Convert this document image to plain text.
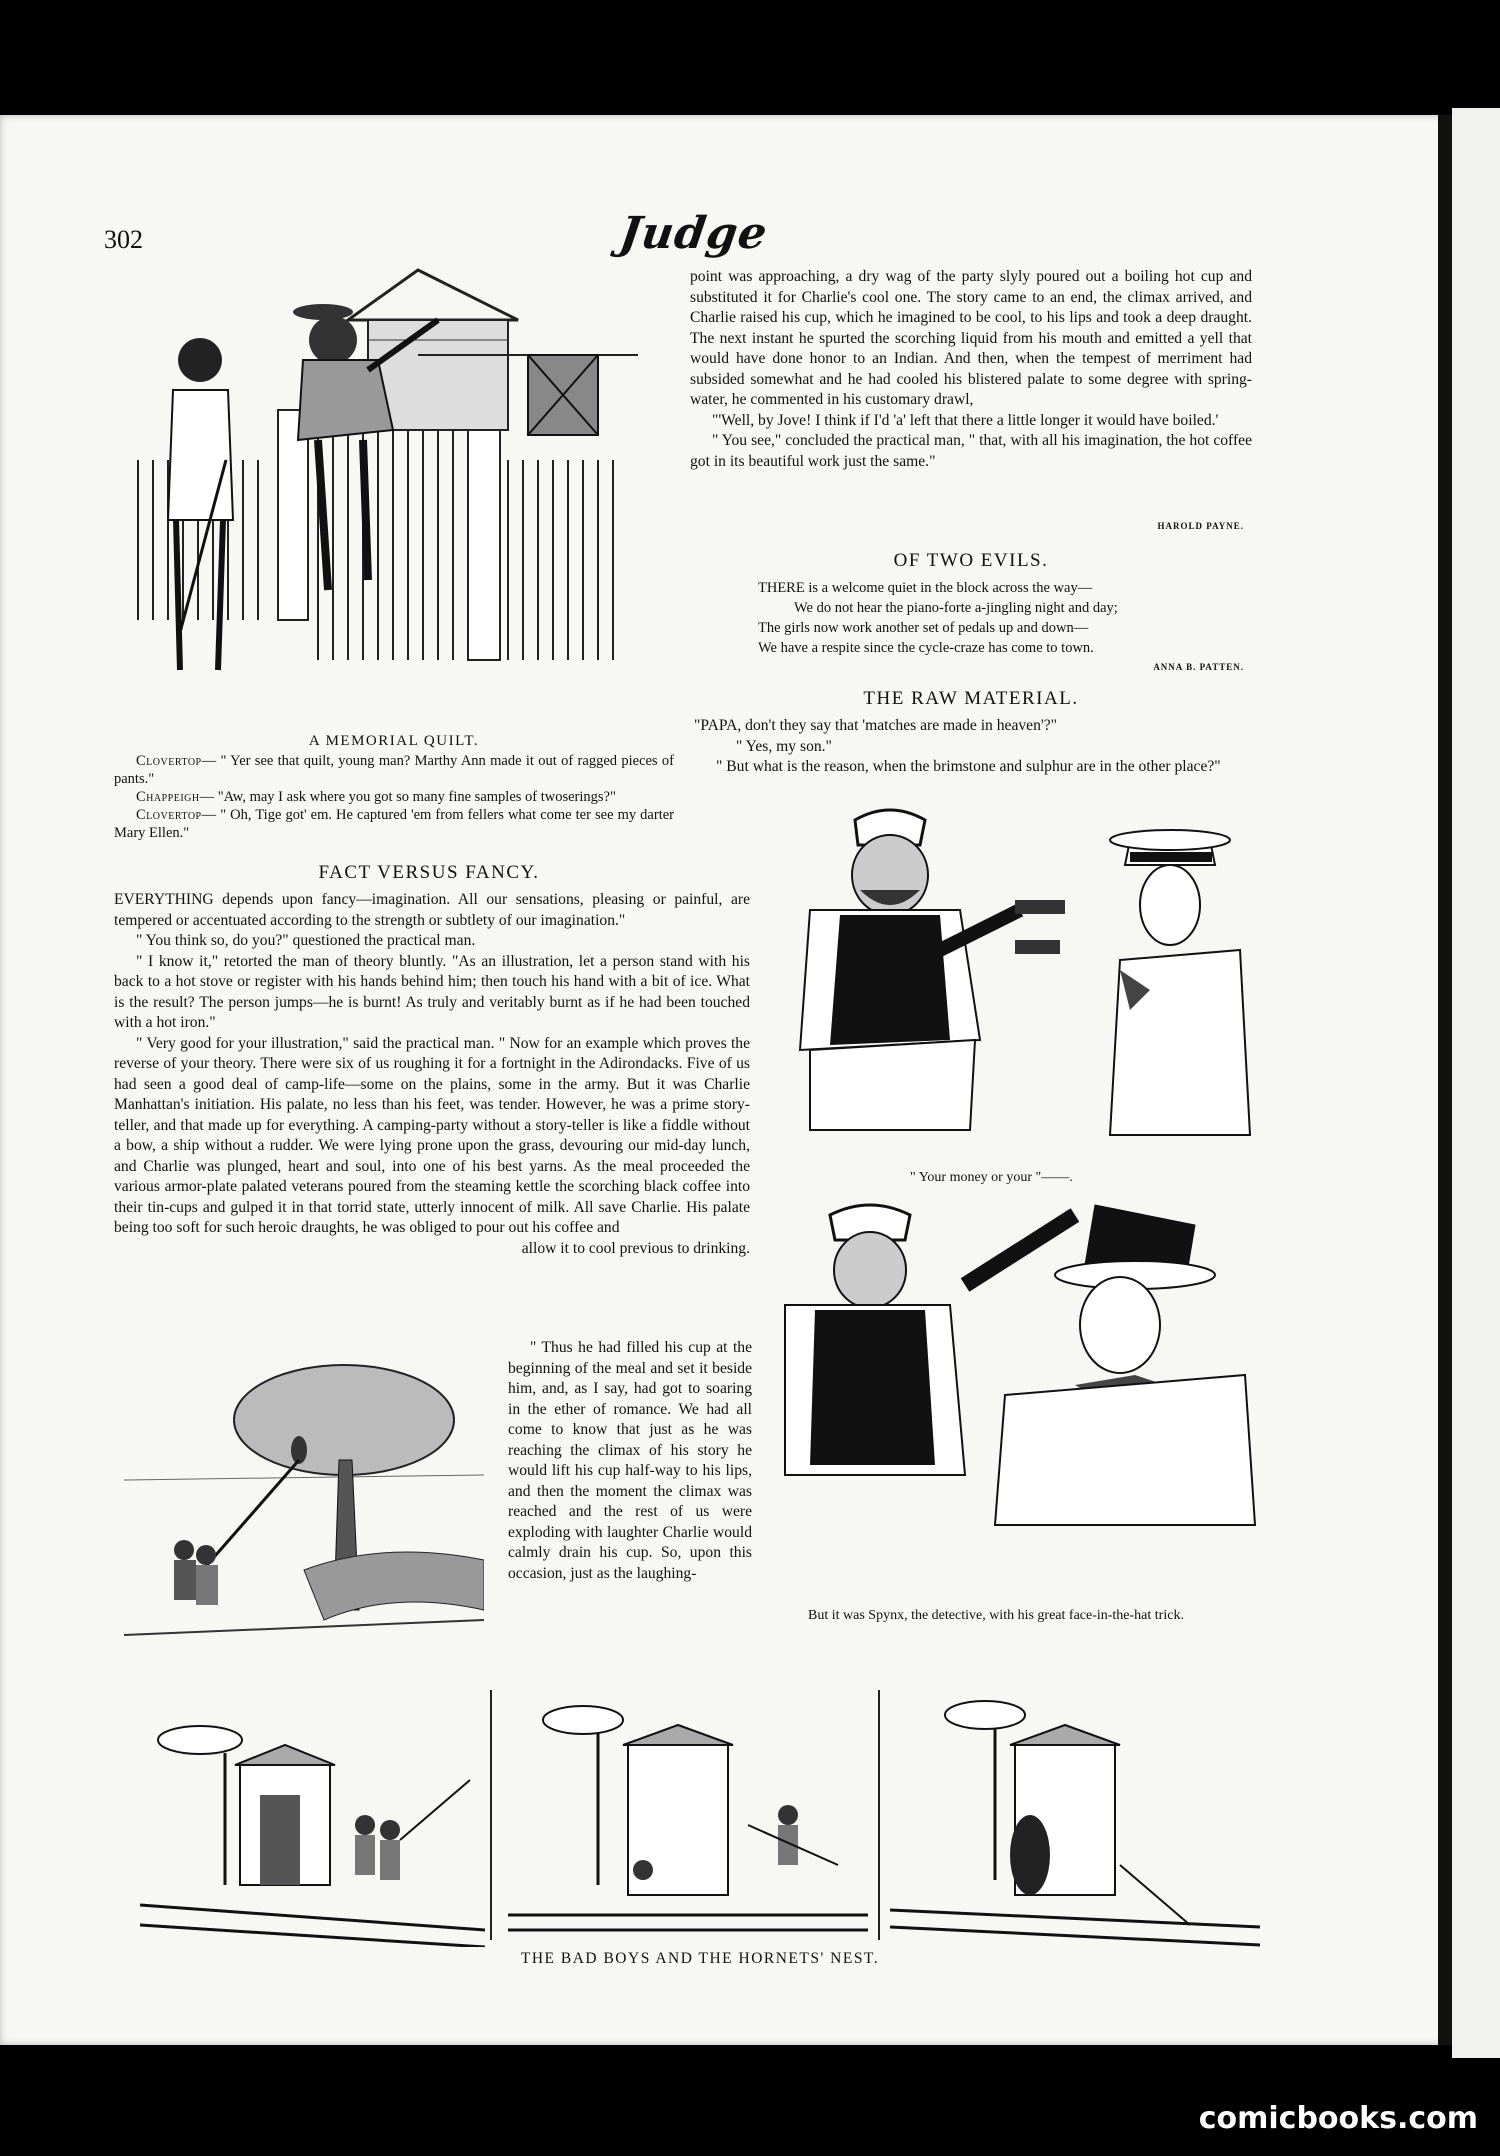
302	Judge
A MEMORIAL QUILT.

Clovertop— " Yer see that quilt, young man? Marthy Ann made it out of ragged pieces of pants."

Chappeigh— "Aw, may I ask where you got so many fine samples of twoserings?"

Clovertop— " Oh, Tige got' em. He captured 'em from fellers what come ter see my darter Mary Ellen."

FACT VERSUS FANCY.

EVERYTHING depends upon fancy—imagination. All our sensations, pleasing or painful, are tempered or accentuated according to the strength or subtlety of our imagination."

" You think so, do you?" questioned the practical man.

" I know it," retorted the man of theory bluntly. "As an illustration, let a person stand with his back to a hot stove or register with his hands behind him; then touch his hand with a bit of ice. What is the result? The person jumps—he is burnt! As truly and veritably burnt as if he had been touched with a hot iron."

" Very good for your illustration," said the practical man. " Now for an example which proves the reverse of your theory. There were six of us roughing it for a fortnight in the Adirondacks. Five of us had seen a good deal of camp-life—some on the plains, some in the army. But it was Charlie Manhattan's initiation. His palate, no less than his feet, was tender. However, he was a prime story-teller, and that made up for everything. A camping-party without a story-teller is like a fiddle without a bow, a ship without a rudder. We were lying prone upon the grass, devouring our mid-day lunch, and Charlie was plunged, heart and soul, into one of his best yarns. As the meal proceeded the various armor-plate palated veterans poured from the steaming kettle the scorching black coffee into their tin-cups and gulped it in that torrid state, utterly innocent of milk. All save Charlie. His palate being too soft for such heroic draughts, he was obliged to pour out his coffee and

allow it to cool previous to drinking.

" Thus he had filled his cup at the beginning of the meal and set it beside him, and, as I say, had got to soaring in the ether of romance. We had all come to know that just as he was reaching the climax of his story he would lift his cup half-way to his lips, and then the moment the climax was reached and the rest of us were exploding with laughter Charlie would calmly drain his cup. So, upon this occasion, just as the laughing-

point was approaching, a dry wag of the party slyly poured out a boiling hot cup and substituted it for Charlie's cool one. The story came to an end, the climax arrived, and Charlie raised his cup, which he imagined to be cool, to his lips and took a deep draught. The next instant he spurted the scorching liquid from his mouth and emitted a yell that would have done honor to an Indian. And then, when the tempest of merriment had subsided somewhat and he had cooled his blistered palate to some degree with spring-water, he commented in his customary drawl,

"'Well, by Jove! I think if I'd 'a' left that there a little longer it would have boiled.'

" You see," concluded the practical man, " that, with all his imagination, the hot coffee got in its beautiful work just the same."

HAROLD PAYNE.
OF TWO EVILS.
THERE is a welcome quiet in the block across the way—
We do not hear the piano-forte a-jingling night and day;
The girls now work another set of pedals up and down—
We have a respite since the cycle-craze has come to town.
ANNA B. PATTEN.
THE RAW MATERIAL.

"PAPA, don't they say that 'matches are made in heaven'?"

" Yes, my son."

" But what is the reason, when the brimstone and sulphur are in the other place?"

" Your money or your "——.
But it was Spynx, the detective, with his great face-in-the-hat trick.
THE BAD BOYS AND THE HORNETS' NEST.
comicbooks.com
